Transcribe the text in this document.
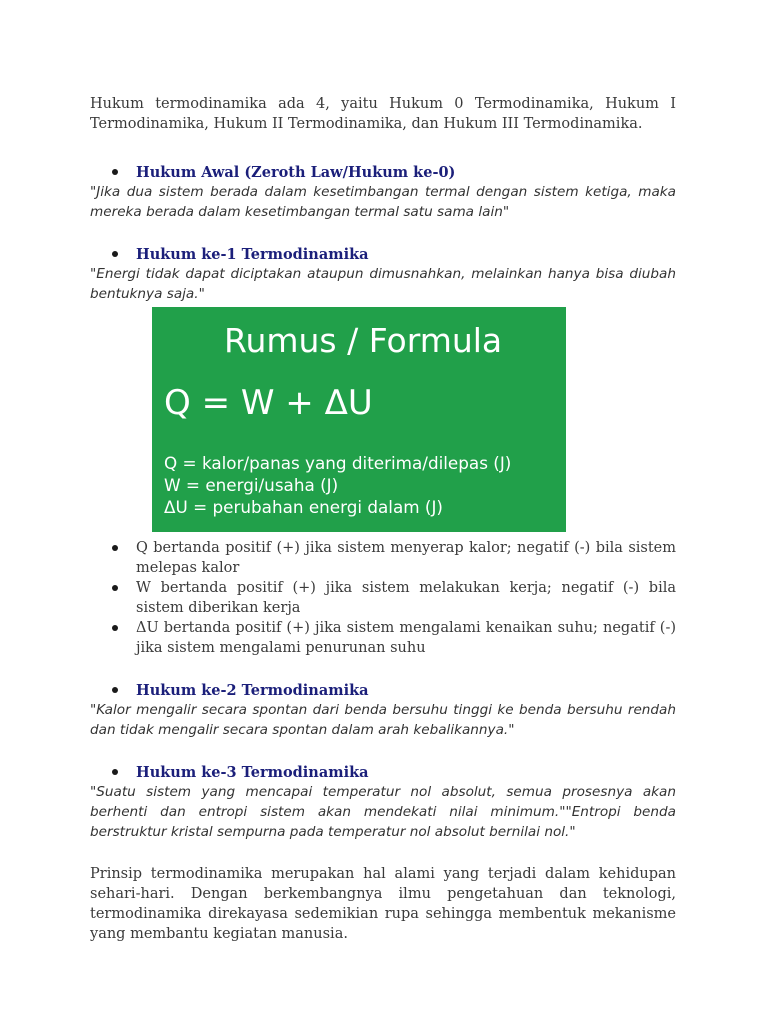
Hukum termodinamika ada 4, yaitu Hukum 0 Termodinamika, Hukum I Termodinamika, Hukum II Termodinamika, dan Hukum III Termodinamika.

Hukum Awal (Zeroth Law/Hukum ke-0)

"Jika dua sistem berada dalam kesetimbangan termal dengan sistem ketiga, maka mereka berada dalam kesetimbangan termal satu sama lain"

Hukum ke-1 Termodinamika

"Energi tidak dapat diciptakan ataupun dimusnahkan, melainkan hanya bisa diubah bentuknya saja."

Rumus / Formula
Q = W + ΔU
Q = kalor/panas yang diterima/dilepas (J)
W = energi/usaha (J)
ΔU = perubahan energi dalam (J)
Q bertanda positif (+) jika sistem menyerap kalor; negatif (-) bila sistem melepas kalor
W bertanda positif (+) jika sistem melakukan kerja; negatif (-) bila sistem diberikan kerja
ΔU bertanda positif (+) jika sistem mengalami kenaikan suhu; negatif (-) jika sistem mengalami penurunan suhu
Hukum ke-2 Termodinamika

"Kalor mengalir secara spontan dari benda bersuhu tinggi ke benda bersuhu rendah dan tidak mengalir secara spontan dalam arah kebalikannya."

Hukum ke-3 Termodinamika

"Suatu sistem yang mencapai temperatur nol absolut, semua prosesnya akan berhenti dan entropi sistem akan mendekati nilai minimum.""Entropi benda berstruktur kristal sempurna pada temperatur nol absolut bernilai nol."

Prinsip termodinamika merupakan hal alami yang terjadi dalam kehidupan sehari-hari. Dengan berkembangnya ilmu pengetahuan dan teknologi, termodinamika direkayasa sedemikian rupa sehingga membentuk mekanisme yang membantu kegiatan manusia.
